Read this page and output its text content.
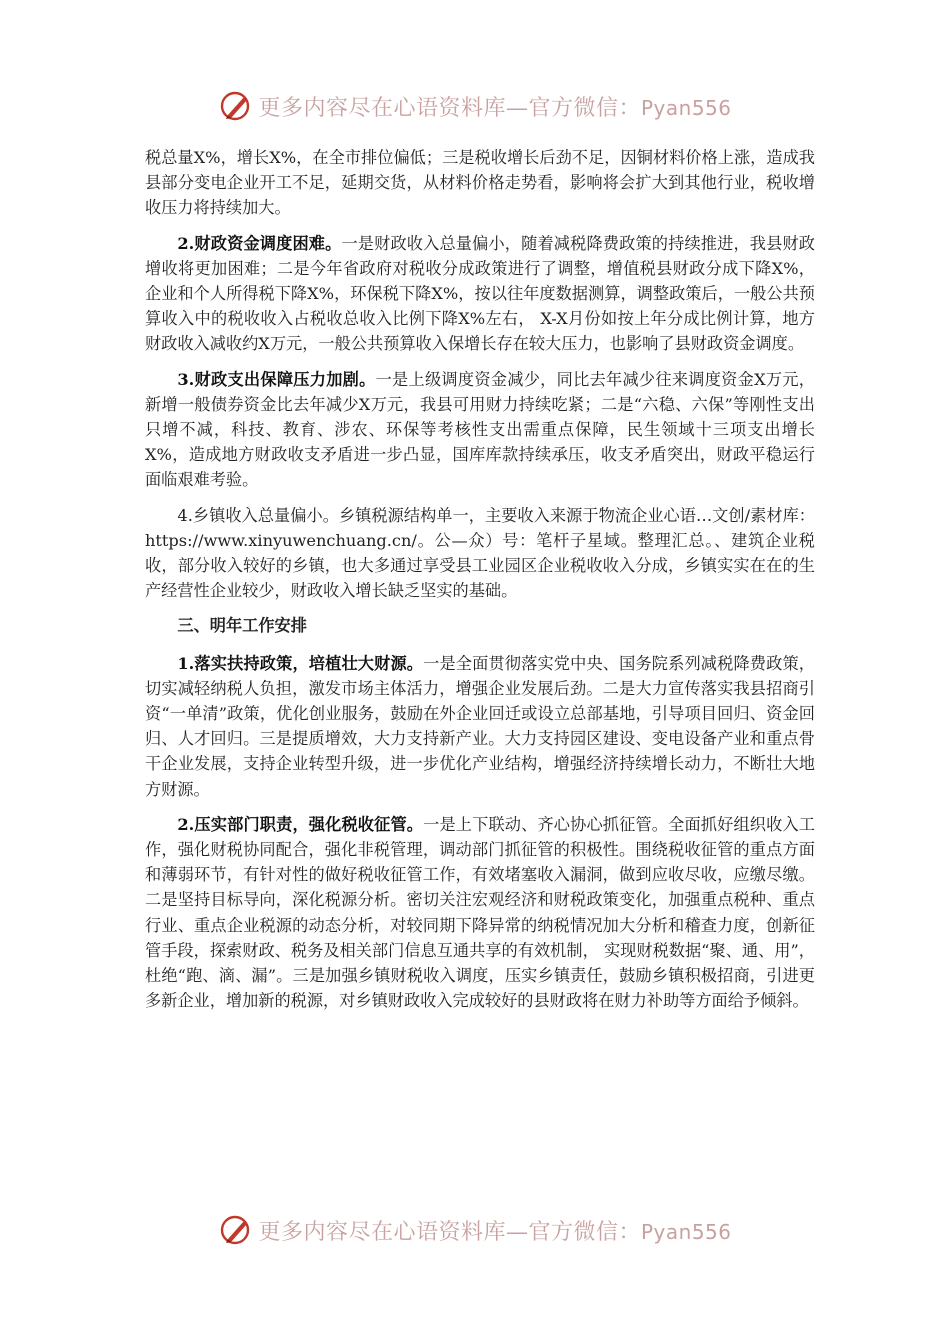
更多内容尽在心语资料库—官方微信：Pyan556

税总量X%，增长X%，在全市排位偏低；三是税收增长后劲不足，因铜材料价格上涨，造成我县部分变电企业开工不足，延期交货，从材料价格走势看，影响将会扩大到其他行业，税收增收压力将持续加大。

2.财政资金调度困难。一是财政收入总量偏小，随着减税降费政策的持续推进，我县财政增收将更加困难；二是今年省政府对税收分成政策进行了调整，增值税县财政分成下降X%，企业和个人所得税下降X%，环保税下降X%，按以往年度数据测算，调整政策后，一般公共预算收入中的税收收入占税收总收入比例下降X%左右， X-X月份如按上年分成比例计算，地方财政收入减收约X万元，一般公共预算收入保增长存在较大压力，也影响了县财政资金调度。

3.财政支出保障压力加剧。一是上级调度资金减少，同比去年减少往来调度资金X万元，新增一般债券资金比去年减少X万元，我县可用财力持续吃紧；二是“六稳、六保”等刚性支出只增不减，科技、教育、涉农、环保等考核性支出需重点保障，民生领域十三项支出增长X%，造成地方财政收支矛盾进一步凸显，国库库款持续承压，收支矛盾突出，财政平稳运行面临艰难考验。

4.乡镇收入总量偏小。乡镇税源结构单一，主要收入来源于物流企业心语…文创/素材库：https://www.xinyuwenchuang.cn/。公—众）号：笔杆子星域。整理汇总。、建筑企业税收，部分收入较好的乡镇，也大多通过享受县工业园区企业税收收入分成，乡镇实实在在的生产经营性企业较少，财政收入增长缺乏坚实的基础。

三、明年工作安排

1.落实扶持政策，培植壮大财源。一是全面贯彻落实党中央、国务院系列减税降费政策，切实减轻纳税人负担，激发市场主体活力，增强企业发展后劲。二是大力宣传落实我县招商引资“一单清”政策，优化创业服务，鼓励在外企业回迁或设立总部基地，引导项目回归、资金回归、人才回归。三是提质增效，大力支持新产业。大力支持园区建设、变电设备产业和重点骨干企业发展，支持企业转型升级，进一步优化产业结构，增强经济持续增长动力，不断壮大地方财源。

2.压实部门职责，强化税收征管。一是上下联动、齐心协心抓征管。全面抓好组织收入工作，强化财税协同配合，强化非税管理，调动部门抓征管的积极性。围绕税收征管的重点方面和薄弱环节，有针对性的做好税收征管工作，有效堵塞收入漏洞，做到应收尽收，应缴尽缴。二是坚持目标导向，深化税源分析。密切关注宏观经济和财税政策变化，加强重点税种、重点行业、重点企业税源的动态分析，对较同期下降异常的纳税情况加大分析和稽查力度，创新征管手段，探索财政、税务及相关部门信息互通共享的有效机制， 实现财税数据“聚、通、用”，杜绝“跑、滴、漏”。三是加强乡镇财税收入调度，压实乡镇责任，鼓励乡镇积极招商，引进更多新企业，增加新的税源，对乡镇财政收入完成较好的县财政将在财力补助等方面给予倾斜。

更多内容尽在心语资料库—官方微信：Pyan556
